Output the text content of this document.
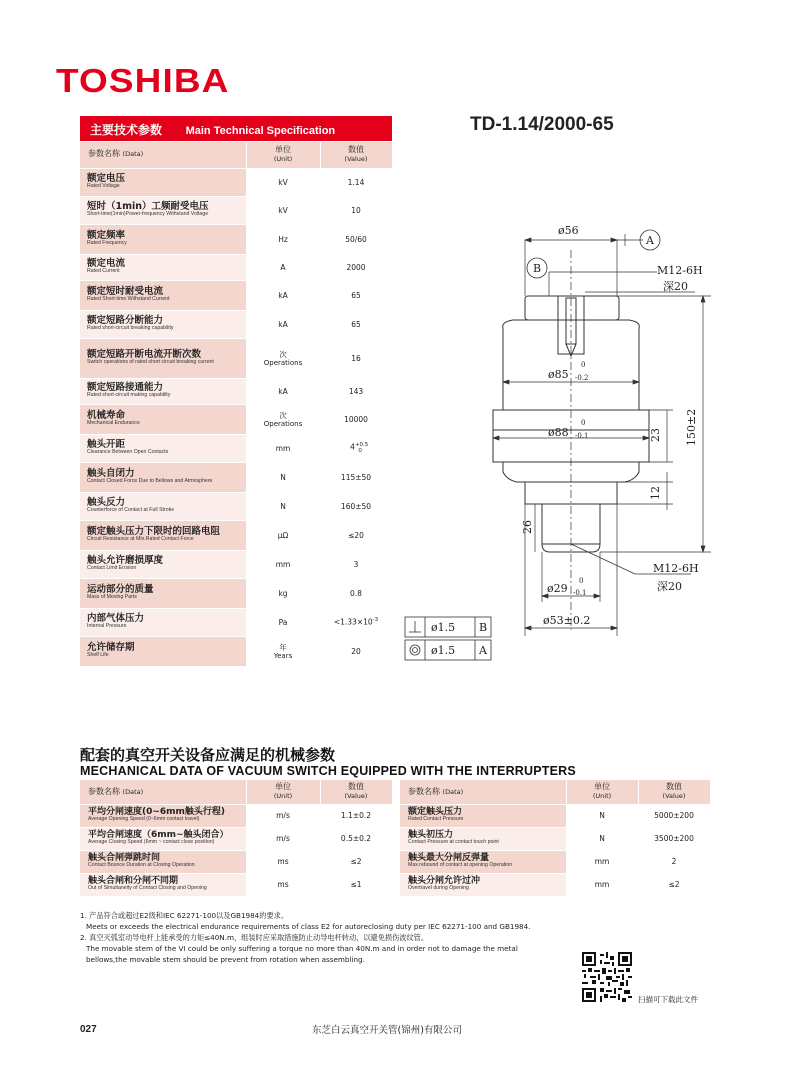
TOSHIBA
TD-1.14/2000-65
主要技术参数 Main Technical Specification		
参数名称 (Data)	单位
(Unit)	数值
(Value)

额定电压
Rated Voltage	kV	1.14

短时（1min）工频耐受电压
Short-time(1min)Power-frequency Withstand Voltage	kV	10

额定频率
Rated Frequency	Hz	50/60

额定电流
Rated Current	A	2000

额定短时耐受电流
Rated Short-time Withstand Current	kA	65

额定短路分断能力
Rated short-circuit breaking capability	kA	65

额定短路开断电流开断次数
Switch operations of rated short circuit breaking current	次
Operations	16

额定短路接通能力
Rated short-circuit making capability	kA	143

机械寿命
Mechanical Endurance	次
Operations	10000

触头开距
Clearance Between Open Contacts	mm	$4^{+0.5}_0$

触头自闭力
Contact Closed Force Due to Bellows and Atmosphere	N	115±50

触头反力
Counterforce of Contact at Full Stroke	N	160±50

额定触头压力下限时的回路电阻
Circuit Resistance at Min.Rated Contact Force	μΩ	≤20

触头允许磨损厚度
Contact Limit Erosion	mm	3

运动部分的质量
Mass of Moving Parts	kg	0.8

内部气体压力
Internal Pressure	Pa	$<1.33\times 10^{-3}$

允许储存期
Shelf Life	年
Years	20
ø56
A
B	M12-6H
深20
ø85
0
-0.2
ø88
0
-0.1	23 150±2
12
26
M12-6H
深20
ø29
0
-0.1
ø53±0.2
ø1.5 B
ø1.5 A
配套的真空开关设备应满足的机械参数
MECHANICAL DATA OF VACUUM SWITCH EQUIPPED WITH THE INTERRUPTERS
参数名称 (Data)	单位
(Unit)	数值
(Value)

平均分闸速度(0~6mm触头行程)
Average Opening Speed (0~6mm contact travel)	m/s	1.1±0.2

平均合闸速度（6mm~触头闭合）
Average Closing Speed (6mm ~ contact close position)	m/s	0.5±0.2

触头合闸弹跳时间
Contact Bounce Duration at Closing Operation	ms	≤2

触头合闸和分闸不同期
Out of Simultaneity of Contact Closing and Opening	ms	≤1
参数名称 (Data)	单位
(Unit)	数值
(Value)

额定触头压力
Rated Contact Pressure	N	5000±200

触头初压力
Contact Pressure at contact touch point	N	3500±200

触头最大分闸反弹量
Max.rebound of contact at opening Operation	mm	2

触头分闸允许过冲
Overtravel during Opening	mm	≤2

1. 产品符合或超过E2级和IEC 62271-100以及GB1984的要求。

Meets or exceeds the electrical endurance requirements of class E2 for autoreclosing duty per IEC 62271-100 and GB1984.

2. 真空灭弧室动导电杆上能承受的力矩≤40N.m，组装时应采取措施防止动导电杆转动，以避免损伤波纹管。

The movable stem of the VI could be only suffering a torque no more than 40N.m and in order not to damage the metal

bellows,the movable stem should be prevent from rotation when assembling.

扫描可下载此文件
027	东芝白云真空开关管(锦州)有限公司
